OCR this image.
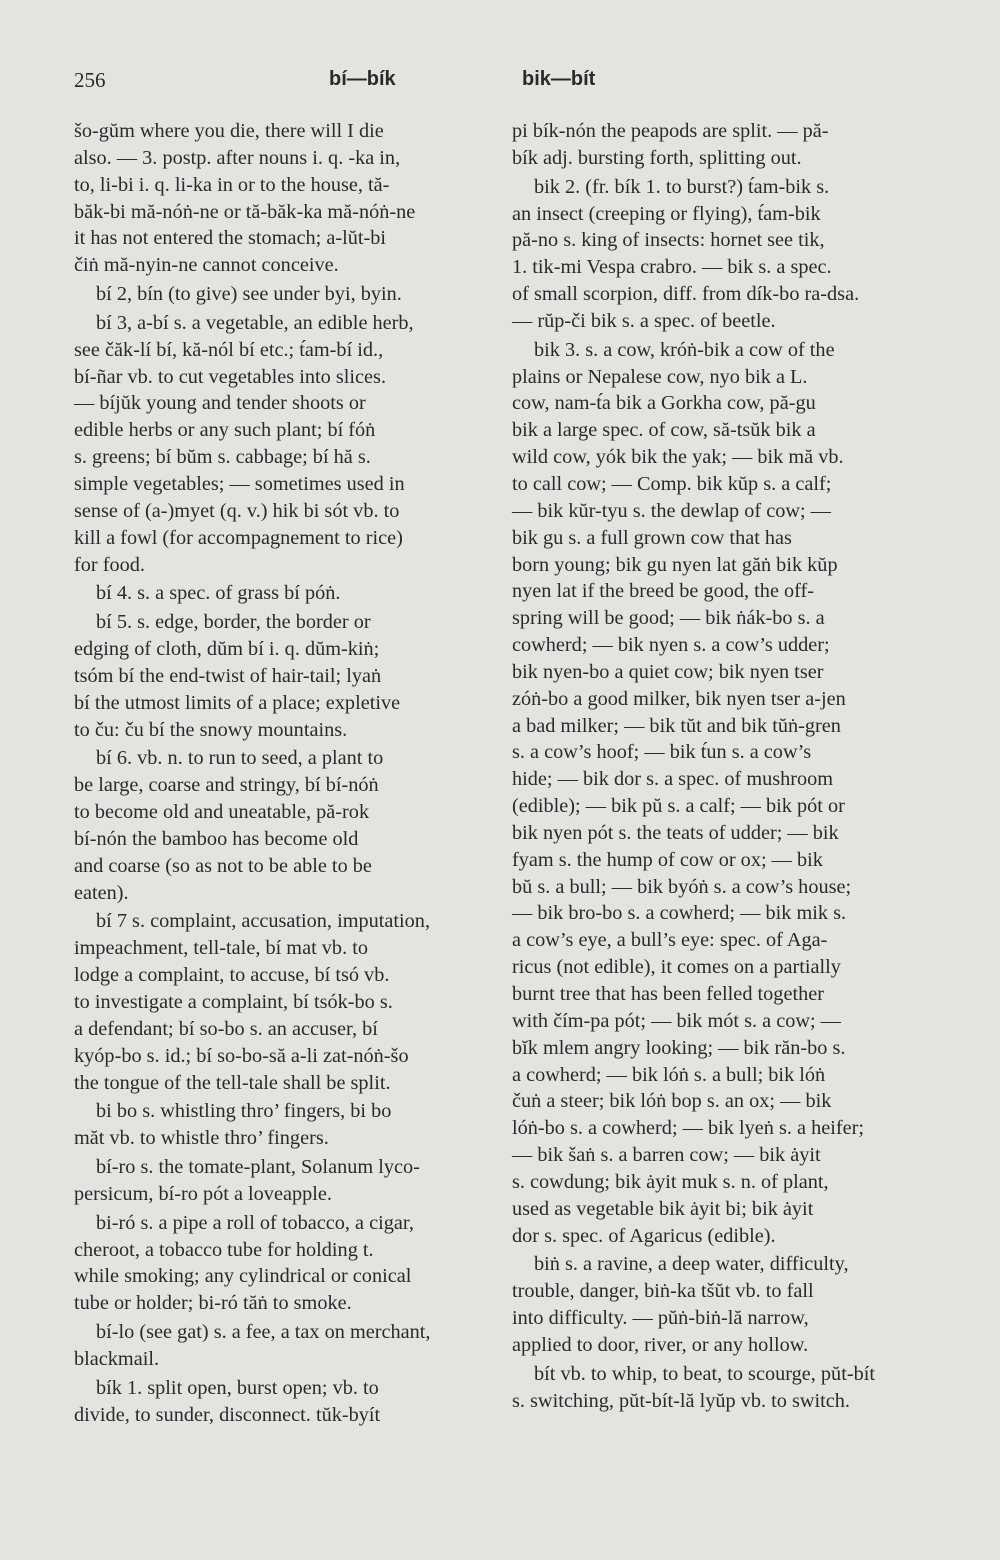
256	bí—bík	bik—bít
šo-gŭm where you die, there will I die
also. — 3. postp. after nouns i. q. -ka in,
to, li-bi i. q. li-ka in or to the house, tă-
băk-bi mă-nóṅ-ne or tă-băk-ka mă-nóṅ-ne
it has not entered the stomach; a-lŭt-bi
čiṅ mă-nyin-ne cannot conceive.
bí 2, bín (to give) see under byi, byin.
bí 3, a-bí s. a vegetable, an edible herb,
see čăk-lí bí, kă-nól bí etc.; t́am-bí id.,
bí-ñar vb. to cut vegetables into slices.
— bíjŭk young and tender shoots or
edible herbs or any such plant; bí fóṅ
s. greens; bí bŭm s. cabbage; bí hă s.
simple vegetables; — sometimes used in
sense of (a-)myet (q. v.) hik bi sót vb. to
kill a fowl (for accompagnement to rice)
for food.
bí 4. s. a spec. of grass bí póṅ.
bí 5. s. edge, border, the border or
edging of cloth, dŭm bí i. q. dŭm-kiṅ;
tsóm bí the end-twist of hair-tail; lyaṅ
bí the utmost limits of a place; expletive
to ču: ču bí the snowy mountains.
bí 6. vb. n. to run to seed, a plant to
be large, coarse and stringy, bí bí-nóṅ
to become old and uneatable, pă-rok
bí-nón the bamboo has become old
and coarse (so as not to be able to be
eaten).
bí 7 s. complaint, accusation, imputation,
impeachment, tell-tale, bí mat vb. to
lodge a complaint, to accuse, bí tsó vb.
to investigate a complaint, bí tsók-bo s.
a defendant; bí so-bo s. an accuser, bí
kyóp-bo s. id.; bí so-bo-să a-li zat-nóṅ-šo
the tongue of the tell-tale shall be split.
bi bo s. whistling thro’ fingers, bi bo
măt vb. to whistle thro’ fingers.
bí-ro s. the tomate-plant, Solanum lyco-
persicum, bí-ro pót a loveapple.
bi-ró s. a pipe a roll of tobacco, a cigar,
cheroot, a tobacco tube for holding t.
while smoking; any cylindrical or conical
tube or holder; bi-ró tăṅ to smoke.
bí-lo (see gat) s. a fee, a tax on merchant,
blackmail.
bík 1. split open, burst open; vb. to
divide, to sunder, disconnect. tŭk-byít
pi bík-nón the peapods are split. — pă-
bík adj. bursting forth, splitting out.
bik 2. (fr. bík 1. to burst?) t́am-bik s.
an insect (creeping or flying), t́am-bik
pă-no s. king of insects: hornet see tik,
1. tik-mi Vespa crabro. — bik s. a spec.
of small scorpion, diff. from dík-bo ra-dsa.
— rŭp-či bik s. a spec. of beetle.
bik 3. s. a cow, króṅ-bik a cow of the
plains or Nepalese cow, nyo bik a L.
cow, nam-t́a bik a Gorkha cow, pă-gu
bik a large spec. of cow, să-tsŭk bik a
wild cow, yók bik the yak; — bik mă vb.
to call cow; — Comp. bik kŭp s. a calf;
— bik kŭr-tyu s. the dewlap of cow; —
bik gu s. a full grown cow that has
born young; bik gu nyen lat găṅ bik kŭp
nyen lat if the breed be good, the off-
spring will be good; — bik ṅák-bo s. a
cowherd; — bik nyen s. a cow’s udder;
bik nyen-bo a quiet cow; bik nyen tser
zóṅ-bo a good milker, bik nyen tser a-jen
a bad milker; — bik tŭt and bik tŭṅ-gren
s. a cow’s hoof; — bik t́un s. a cow’s
hide; — bik dor s. a spec. of mushroom
(edible); — bik pŭ s. a calf; — bik pót or
bik nyen pót s. the teats of udder; — bik
fyam s. the hump of cow or ox; — bik
bŭ s. a bull; — bik byóṅ s. a cow’s house;
— bik bro-bo s. a cowherd; — bik mik s.
a cow’s eye, a bull’s eye: spec. of Aga-
ricus (not edible), it comes on a partially
burnt tree that has been felled together
with čím-pa pót; — bik mót s. a cow; —
bĭk mlem angry looking; — bik răn-bo s.
a cowherd; — bik lóṅ s. a bull; bik lóṅ
čuṅ a steer; bik lóṅ bop s. an ox; — bik
lóṅ-bo s. a cowherd; — bik lyeṅ s. a heifer;
— bik šaṅ s. a barren cow; — bik ȧyit
s. cowdung; bik ȧyit muk s. n. of plant,
used as vegetable bik ȧyit bi; bik ȧyit
dor s. spec. of Agaricus (edible).
biṅ s. a ravine, a deep water, difficulty,
trouble, danger, biṅ-ka tšŭt vb. to fall
into difficulty. — pŭṅ-biṅ-lă narrow,
applied to door, river, or any hollow.
bít vb. to whip, to beat, to scourge, pŭt-bít
s. switching, pŭt-bít-lă lyŭp vb. to switch.
